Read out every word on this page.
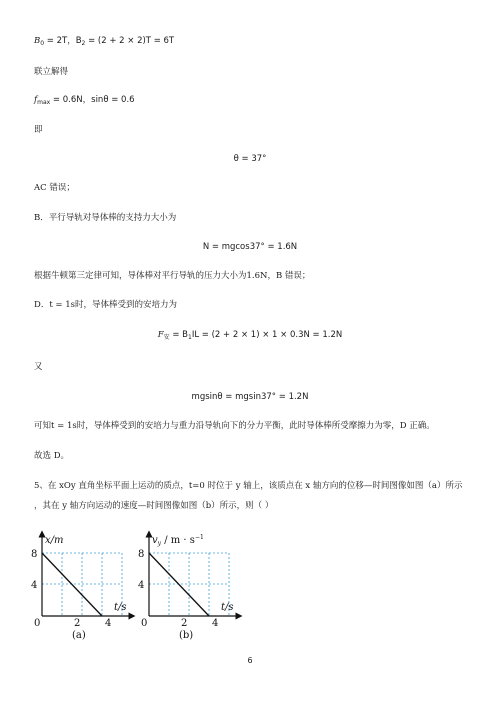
$B_0 = 2T$，$B_2 = (2 + 2 \times 2)T = 6T$
联立解得
$f_{max} = 0.6N$，sinθ = 0.6
即
θ = 37°
AC 错误；
B．平行导轨对导体棒的支持力大小为
N = mgcos37° = 1.6N
根据牛顿第三定律可知，导体棒对平行导轨的压力大小为1.6N，B 错误；
D．t = 1s时，导体棒受到的安培力为
$F_安 = B_1IL = (2 + 2 \times 1) \times 1 \times 0.3N = 1.2N$
又
mgsinθ = mgsin37° = 1.2N
可知t = 1s时，导体棒受到的安培力与重力沿导轨向下的分力平衡，此时导体棒所受摩擦力为零，D 正确。
故选 D。
5、在 xOy 直角坐标平面上运动的质点，t=0 时位于 y 轴上，该质点在 x 轴方向的位移—时间图像如图（a）所示
，其在 y 轴方向运动的速度—时间图像如图（b）所示，则（ ）
x/m
8
4
0	2 4
t/s
(a)
$v_y / m \cdot s^{-1}$
8
4
0	2 4
t/s
(b)
6
